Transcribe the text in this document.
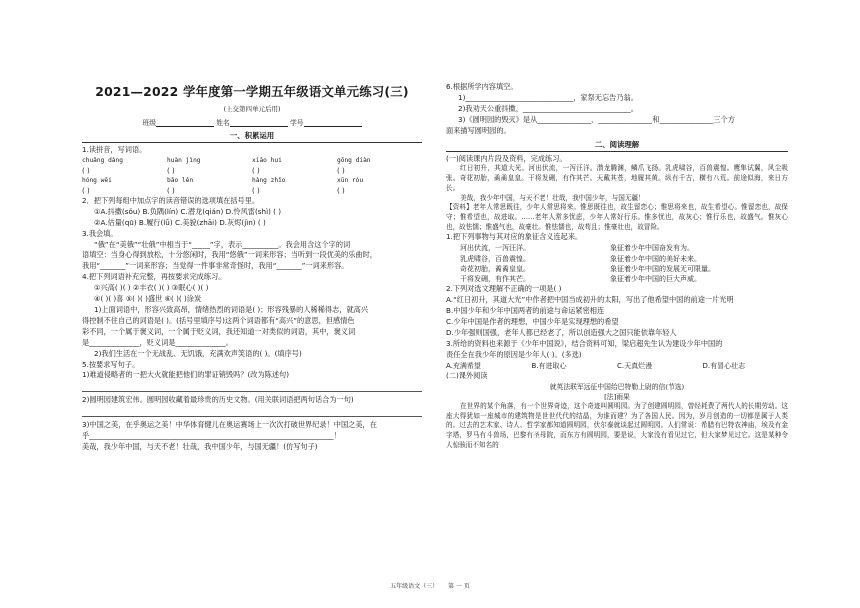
2021—2022 学年度第一学期五年级语文单元练习(三)
(上交第四单元后用)
班级	姓名	学号
一、积累运用
1.读拼音，写词语。
chuǎng dàng	huàn jìng	xiāo hui	gōng diàn
( )	( )	( )	( )
hóng wěi	bǎo lěn	hàng zhǐo	xūn róu
( )	( )	( )	( )
2．把下列每组中加点字的读音错误的选项填在括号里。
①A.抖擞(sǒu) B.负隅(lín) C.潜龙(qián) D.怜风雷(shì) ( )
②A.估量(qū) B.履行(lǚ) C.美貌(zhāi) D.灰烬(jìn) ( )
3.我会填。
“俄”在“美俄”“壮俄”中相当于“_____”字，表示__________。我会用含这个字的词
语填空：当身心得到放松，十分悠闲时，我用“悠俄”一词来形容；当听到一段优美的乐曲时，
我用“_______”一词来形容；当觉得一件事非常奇怪时，我用“_______”一词来形容。
4.把下列词语补充完整，再按要求完成练习。
①兴高( )( ) ②丰衣( )( ) ③眠心( )( )
④( )( )喜 ⑤( )( )盛世 ⑥( )( )涂炭
1)上面词语中，形容兴致高昂，情绪热烈的词语是( )；形容残暴的人稀稀得志，就高兴
得控制不住自己的词语是( )。(括号里填序号)这两个词语都有“高兴”的意思，但感情色
彩不同，一个属于褒义词，一个属于贬义词，我还知道一对类似的词语，其中，褒义词
是______________，贬义词是______________。
2)我们生活在一个无战乱、无饥饿，充满欢声笑语的( )。(填序号)
5.按要求写句子。
1)难道侵略者的一把大火就能把他们的罪证销毁吗？(改为陈述句)
2)圆明园建筑宏伟。圆明园收藏着最珍贵的历史文物。(用关联词语把两句话合为一句)
3)中国之美，在乎奥运之美！中华体育健儿在奥运赛场上一次次打破世界纪录！中国之美，在
乎____________________________________________________________________！
美哉，我少年中国，与天不老！壮哉，我中国少年，与国无疆！(仿写句子)
6.根据所学内容填空。
1)______________________________，家祭无忘告乃翁。
2)我劝天公重抖擞，______________________________。
3)《圆明园的毁灭》是从_______________、_______________和_______________三个方
面来描写圆明园的。
二、阅读理解
(一)阅读课内片段及资料，完成练习。
红日初升，其道大光。河出伏流，一泻汪洋。潜龙腾渊，鳞爪飞扬。乳虎啸谷，百兽震惶。鹰隼试翼，风尘吸张。奇花初胎，矞矞皇皇。干将发硎，有作其芒。天戴其苍，地履其黄。纵有千古，横有八荒。前途似海，来日方长。
美哉，我少年中国，与天不老！壮哉，我中国少年，与国无疆！
【资料】老年人常思既往，少年人常思将来。惟思既往也，故生留恋心；惟思将来也，故生希望心。惟留恋也，故保守；惟希望也，故进取。……老年人常多忧虑，少年人常好行乐。惟多忧也，故灰心；惟行乐也，故盛气。惟灰心也，故怯懦；惟盛气也，故豪壮。惟怯懦也，故苟且；惟豪壮也，故冒险。
1.把下列事物与其对应的象征含义连起来。
河出伏流，一泻汪洋。	象征着少年中国奋发有为。
乳虎啸谷，百兽震惶。	象征着少年中国的美好未来。
奇花初胎，矞矞皇皇。	象征着少年中国的发展无可限量。
干将发硎，有作其芒。	象征着少年中国的巨大声威。
2.下列对选文理解不正确的一项是( )
A.“红日初升，其道大光”中作者把中国当成初升的太阳，写出了他希望中国的前途一片光明
B.中国少年和少年中国两者的前途与命运紧密相连
C.少年中国是作者的理想，中国少年是实现理想的希望
D.少年强则国强，老年人都已经老了，所以创造强大之国只能依靠年轻人
3.所给的资料也来源于《少年中国说》，结合资料可知，梁启超先生认为建设少年中国的
责任全在我少年的原因是少年人( )。(多选)
A.充满希望	B.有进取心	C.天真烂漫	D.有冒心壮志
(二)课外阅读
就英法联军远征中国给巴特勒上尉的信(节选)
[法]雨果
在世界的某个角落，有一个世界奇迹，这个奇迹叫圆明园。为了创建圆明园，曾经耗费了两代人的长期劳动。这座大得犹如一座城市的建筑物是世世代代的结晶，为谁而建？为了各国人民。因为，岁月创造的一切都是属于人类的。过去的艺术家、诗人、哲学家都知道圆明园，伏尔泰就谈起过圆明园。人们常说：希腊有巴特农神庙，埃及有金字塔，罗马有斗兽场，巴黎有圣母院，而东方有圆明园，要是说，大家没有看见过它，但大家梦见过它。这是某种令人惊骇而不知名的
五年级语文（三） 第 一 页
